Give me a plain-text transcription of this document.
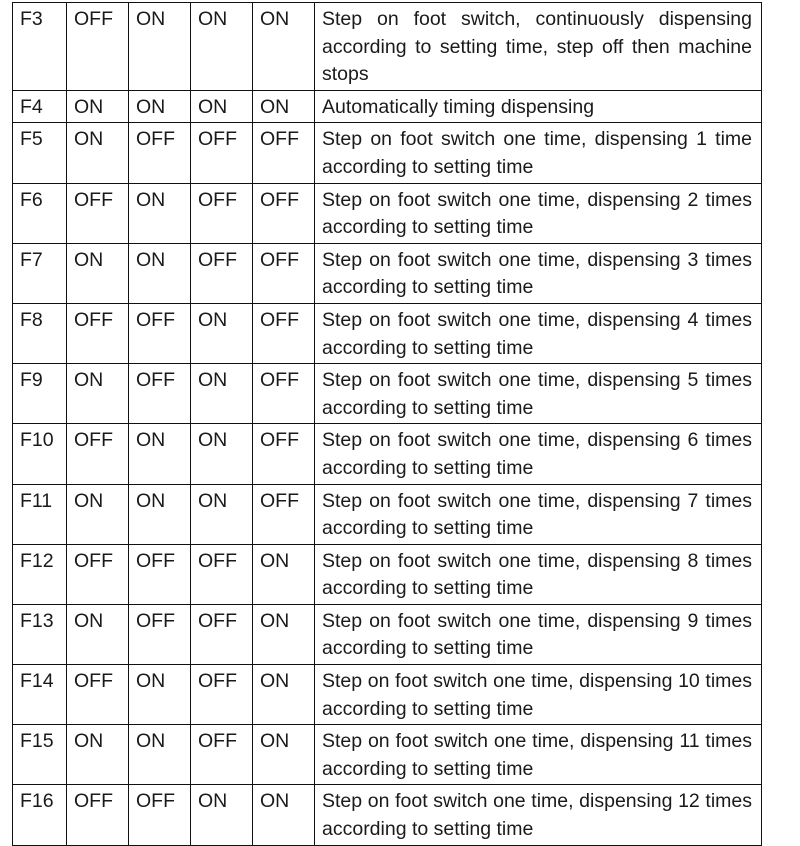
F3	OFF	ON	ON	ON	Step on foot switch, continuously dispensing according to setting time, step off then machine stops
F4	ON	ON	ON	ON	Automatically timing dispensing
F5	ON	OFF	OFF	OFF	Step on foot switch one time, dispensing 1 time according to setting time
F6	OFF	ON	OFF	OFF	Step on foot switch one time, dispensing 2 times according to setting time
F7	ON	ON	OFF	OFF	Step on foot switch one time, dispensing 3 times according to setting time
F8	OFF	OFF	ON	OFF	Step on foot switch one time, dispensing 4 times according to setting time
F9	ON	OFF	ON	OFF	Step on foot switch one time, dispensing 5 times according to setting time
F10	OFF	ON	ON	OFF	Step on foot switch one time, dispensing 6 times according to setting time
F11	ON	ON	ON	OFF	Step on foot switch one time, dispensing 7 times according to setting time
F12	OFF	OFF	OFF	ON	Step on foot switch one time, dispensing 8 times according to setting time
F13	ON	OFF	OFF	ON	Step on foot switch one time, dispensing 9 times according to setting time
F14	OFF	ON	OFF	ON	Step on foot switch one time, dispensing 10 times according to setting time
F15	ON	ON	OFF	ON	Step on foot switch one time, dispensing 11 times according to setting time
F16	OFF	OFF	ON	ON	Step on foot switch one time, dispensing 12 times according to setting time
